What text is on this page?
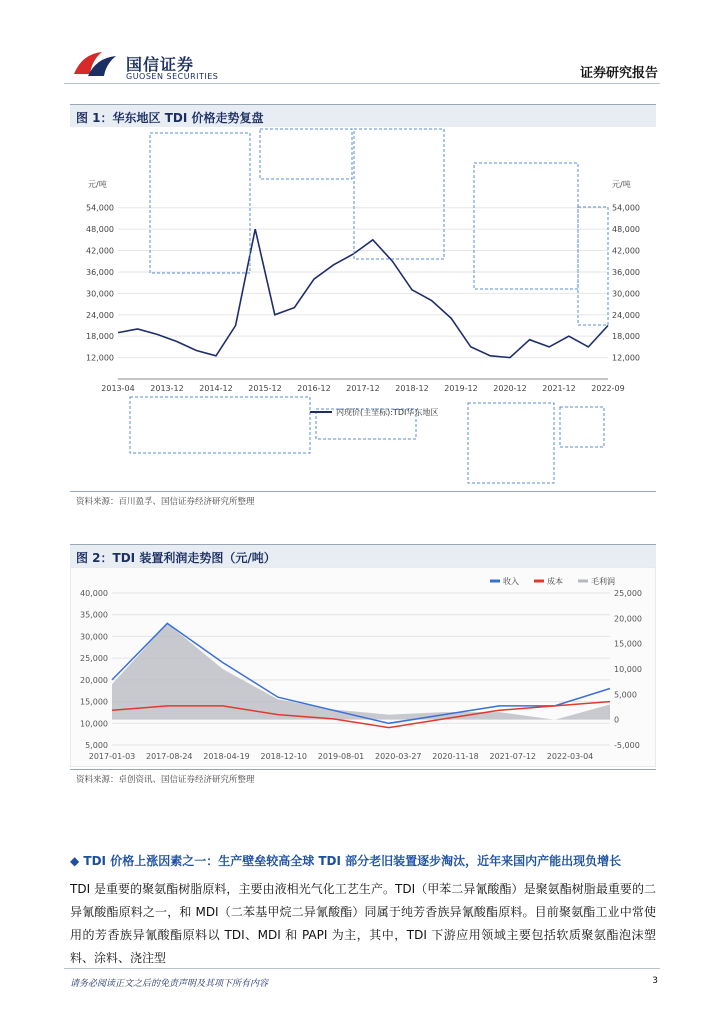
国信证券
GUOSEN SECURITIES	证券研究报告
图 1：华东地区 TDI 价格走势复盘
12,000	12,000
18,000	18,000
24,000	24,000
30,000	30,000
36,000	36,000
42,000	42,000
48,000	48,000
54,000	54,000
元/吨	元/吨
2013-04 2013-12 2014-12 2015-12 2016-12 2017-12 2018-12 2019-12 2020-12 2021-12 2022-09
内现价(主坐标):TDI华东地区
资料来源：百川盈孚、国信证券经济研究所整理
图 2：TDI 装置利润走势图（元/吨）
5,000
10,000
15,000
20,000
25,000
30,000
35,000
40,000
-5,000
0
5,000
10,000
15,000
20,000
25,000
2017-01-03 2017-08-24 2018-04-19 2018-12-10 2019-08-01 2020-03-27 2020-11-18 2021-07-12 2022-03-04
收入	成本	毛利润
资料来源：卓创资讯、国信证券经济研究所整理
◆ TDI 价格上涨因素之一：生产壁垒较高全球 TDI 部分老旧装置逐步淘汰，近年来国内产能出现负增长
TDI 是重要的聚氨酯树脂原料，主要由液相光气化工艺生产。TDI（甲苯二异氰酸酯）是聚氨酯树脂最重要的二异氰酸酯原料之一，和 MDI（二苯基甲烷二异氰酸酯）同属于纯芳香族异氰酸酯原料。目前聚氨酯工业中常使用的芳香族异氰酸酯原料以 TDI、MDI 和 PAPI 为主，其中，TDI 下游应用领域主要包括软质聚氨酯泡沫塑料、涂料、浇注型
请务必阅读正文之后的免责声明及其项下所有内容	3
